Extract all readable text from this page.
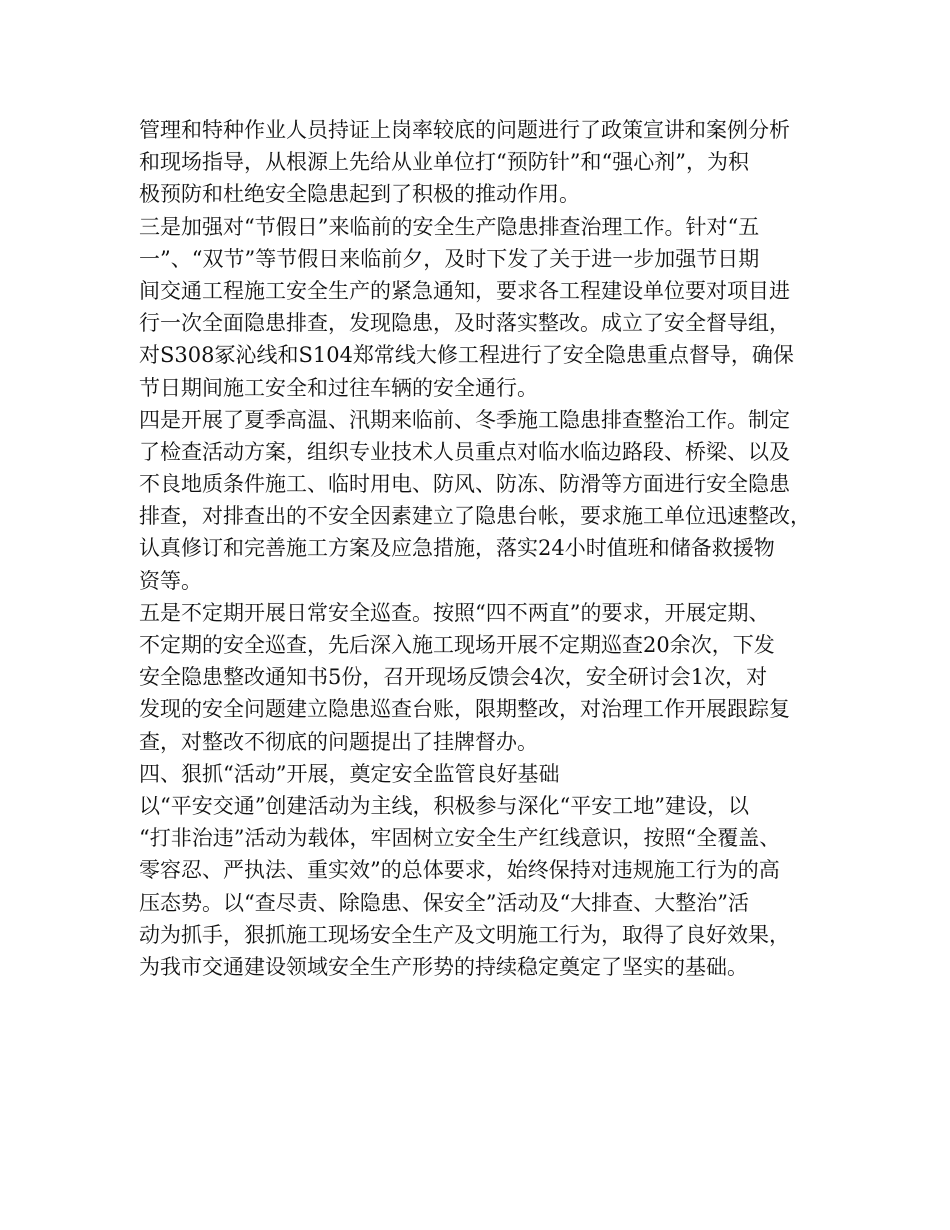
管理和特种作业人员持证上岗率较底的问题进行了政策宣讲和案例分析
和现场指导，从根源上先给从业单位打“预防针”和“强心剂”，为积
极预防和杜绝安全隐患起到了积极的推动作用。
三是加强对“节假日”来临前的安全生产隐患排查治理工作。针对“五
一”、“双节”等节假日来临前夕，及时下发了关于进一步加强节日期
间交通工程施工安全生产的紧急通知，要求各工程建设单位要对项目进
行一次全面隐患排查，发现隐患，及时落实整改。成立了安全督导组，
对S308冢沁线和S104郑常线大修工程进行了安全隐患重点督导，确保
节日期间施工安全和过往车辆的安全通行。
四是开展了夏季高温、汛期来临前、冬季施工隐患排查整治工作。制定
了检查活动方案，组织专业技术人员重点对临水临边路段、桥梁、以及
不良地质条件施工、临时用电、防风、防冻、防滑等方面进行安全隐患
排查，对排查出的不安全因素建立了隐患台帐，要求施工单位迅速整改，
认真修订和完善施工方案及应急措施，落实24小时值班和储备救援物
资等。
五是不定期开展日常安全巡查。按照“四不两直”的要求，开展定期、
不定期的安全巡查，先后深入施工现场开展不定期巡查20余次，下发
安全隐患整改通知书5份，召开现场反馈会4次，安全研讨会1次，对
发现的安全问题建立隐患巡查台账，限期整改，对治理工作开展跟踪复
查，对整改不彻底的问题提出了挂牌督办。
四、狠抓“活动”开展，奠定安全监管良好基础
以“平安交通”创建活动为主线，积极参与深化“平安工地”建设，以
“打非治违”活动为载体，牢固树立安全生产红线意识，按照“全覆盖、
零容忍、严执法、重实效”的总体要求，始终保持对违规施工行为的高
压态势。以“查尽责、除隐患、保安全”活动及“大排查、大整治”活
动为抓手，狠抓施工现场安全生产及文明施工行为，取得了良好效果，
为我市交通建设领域安全生产形势的持续稳定奠定了坚实的基础。
